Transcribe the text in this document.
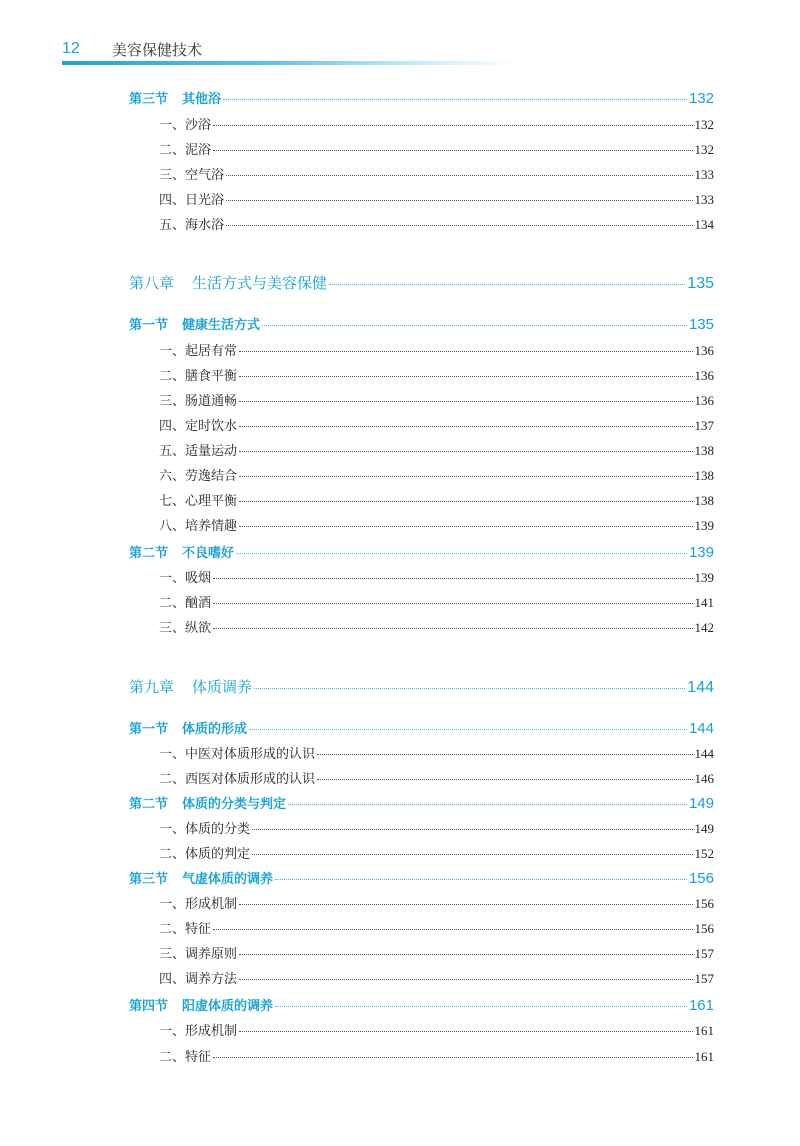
12 美容保健技术
第三节 其他浴	132
一、沙浴	132
二、泥浴	132
三、空气浴	133
四、日光浴	133
五、海水浴	134
第八章 生活方式与美容保健	135
第一节 健康生活方式	135
一、起居有常	136
二、膳食平衡	136
三、肠道通畅	136
四、定时饮水	137
五、适量运动	138
六、劳逸结合	138
七、心理平衡	138
八、培养情趣	139
第二节 不良嗜好	139
一、吸烟	139
二、酗酒	141
三、纵欲	142
第九章 体质调养	144
第一节 体质的形成	144
一、中医对体质形成的认识	144
二、西医对体质形成的认识	146
第二节 体质的分类与判定	149
一、体质的分类	149
二、体质的判定	152
第三节 气虚体质的调养	156
一、形成机制	156
二、特征	156
三、调养原则	157
四、调养方法	157
第四节 阳虚体质的调养	161
一、形成机制	161
二、特征	161
